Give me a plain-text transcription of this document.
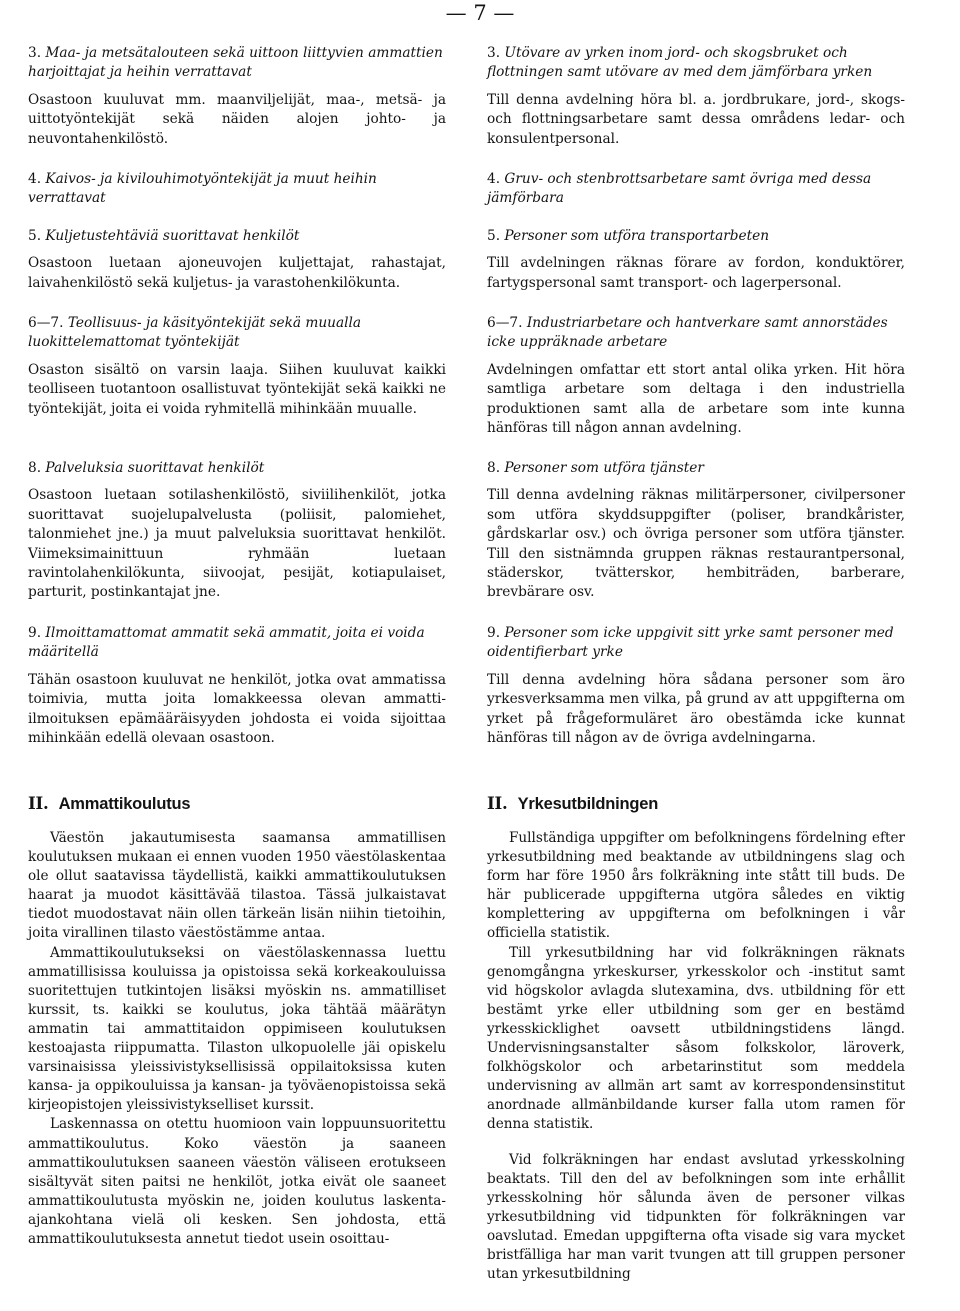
— 7 —
3. Maa- ja metsätalouteen sekä uittoon liittyvien ammattien harjoittajat ja heihin verrattavat

Osastoon kuuluvat mm. maanviljelijät, maa-, metsä- ja uittotyöntekijät sekä näiden alojen johto- ja neuvontahenkilöstö.

4. Kaivos- ja kivilouhimotyöntekijät ja muut heihin verrattavat
5. Kuljetustehtäviä suorittavat henkilöt

Osastoon luetaan ajoneuvojen kuljettajat, rahastajat, laivahenkilöstö sekä kuljetus- ja varastohenkilökunta.

6—7. Teollisuus- ja käsityöntekijät sekä muualla luokittelemattomat työntekijät

Osaston sisältö on varsin laaja. Siihen kuuluvat kaikki teolliseen tuotantoon osallistuvat työntekijät sekä kaikki ne työntekijät, joita ei voida ryhmitellä mihinkään muualle.

8. Palveluksia suorittavat henkilöt

Osastoon luetaan sotilashenkilöstö, siviilihenkilöt, jotka suorittavat suojelupalvelusta (poliisit, palomiehet, talonmiehet jne.) ja muut palveluksia suorittavat henkilöt. Viimeksimainittuun ryhmään luetaan ravintolahenkilökunta, siivoojat, pesijät, kotiapulaiset, parturit, postinkantajat jne.

9. Ilmoittamattomat ammatit sekä ammatit, joita ei voida määritellä

Tähän osastoon kuuluvat ne henkilöt, jotka ovat ammatissa toimivia, mutta joita lomakkeessa olevan ammatti-ilmoituksen epämääräisyyden johdosta ei voida sijoittaa mihinkään edellä olevaan osastoon.

II. Ammattikoulutus

Väestön jakautumisesta saamansa ammatillisen koulutuksen mukaan ei ennen vuoden 1950 väestölaskentaa ole ollut saatavissa täydellistä, kaikki ammattikoulutuksen haarat ja muodot käsittävää tilastoa. Tässä julkaistavat tiedot muodostavat näin ollen tärkeän lisän niihin tietoihin, joita virallinen tilasto väestöstämme antaa.

Ammattikoulutukseksi on väestölaskennassa luettu ammatillisissa kouluissa ja opistoissa sekä korkeakouluissa suoritettujen tutkintojen lisäksi myöskin ns. ammatilliset kurssit, ts. kaikki se koulutus, joka tähtää määrätyn ammatin tai ammattitaidon oppimiseen koulutuksen kestoajasta riippumatta. Tilaston ulkopuolelle jäi opiskelu varsinaisissa yleissivistyksellisissä oppilaitoksissa kuten kansa- ja oppikouluissa ja kansan- ja työväenopistoissa sekä kirjeopistojen yleissivistykselliset kurssit.

Laskennassa on otettu huomioon vain loppuunsuoritettu ammattikoulutus. Koko väestön ja saaneen ammattikoulutuksen saaneen väestön väliseen erotukseen sisältyvät siten paitsi ne henkilöt, jotka eivät ole saaneet ammattikoulutusta myöskin ne, joiden koulutus laskenta-ajankohtana vielä oli kesken. Sen johdosta, että ammattikoulutuksesta annetut tiedot usein osoittau-

3. Utövare av yrken inom jord- och skogsbruket och flottningen samt utövare av med dem jämförbara yrken

Till denna avdelning höra bl. a. jordbrukare, jord-, skogs- och flottningsarbetare samt dessa områdens ledar- och konsulentpersonal.

4. Gruv- och stenbrottsarbetare samt övriga med dessa jämförbara
5. Personer som utföra transportarbeten

Till avdelningen räknas förare av fordon, konduktörer, fartygspersonal samt transport- och lagerpersonal.

6—7. Industriarbetare och hantverkare samt annorstädes icke uppräknade arbetare

Avdelningen omfattar ett stort antal olika yrken. Hit höra samtliga arbetare som deltaga i den industriella produktionen samt alla de arbetare som inte kunna hänföras till någon annan avdelning.

8. Personer som utföra tjänster

Till denna avdelning räknas militärpersoner, civilpersoner som utföra skyddsuppgifter (poliser, brandkårister, gårdskarlar osv.) och övriga personer som utföra tjänster. Till den sistnämnda gruppen räknas restaurantpersonal, städerskor, tvätterskor, hembiträden, barberare, brevbärare osv.

9. Personer som icke uppgivit sitt yrke samt personer med oidentifierbart yrke

Till denna avdelning höra sådana personer som äro yrkesverksamma men vilka, på grund av att uppgifterna om yrket på frågeformuläret äro obestämda icke kunnat hänföras till någon av de övriga avdelningarna.

II. Yrkesutbildningen

Fullständiga uppgifter om befolkningens fördelning efter yrkesutbildning med beaktande av utbildningens slag och form har före 1950 års folkräkning inte stått till buds. De här publicerade uppgifterna utgöra således en viktig komplettering av uppgifterna om befolkningen i vår officiella statistik.

Till yrkesutbildning har vid folkräkningen räknats genomgångna yrkeskurser, yrkesskolor och -institut samt vid högskolor avlagda slutexamina, dvs. utbildning för ett bestämt yrke eller utbildning som ger en bestämd yrkesskicklighet oavsett utbildningstidens längd. Undervisningsanstalter såsom folkskolor, läroverk, folkhögskolor och arbetarinstitut som meddela undervisning av allmän art samt av korrespondensinstitut anordnade allmänbildande kurser falla utom ramen för denna statistik.

Vid folkräkningen har endast avslutad yrkesskolning beaktats. Till den del av befolkningen som inte erhållit yrkesskolning hör sålunda även de personer vilkas yrkesutbildning vid tidpunkten för folkräkningen var oavslutad. Emedan uppgifterna ofta visade sig vara mycket bristfälliga har man varit tvungen att till gruppen personer utan yrkesutbildning
